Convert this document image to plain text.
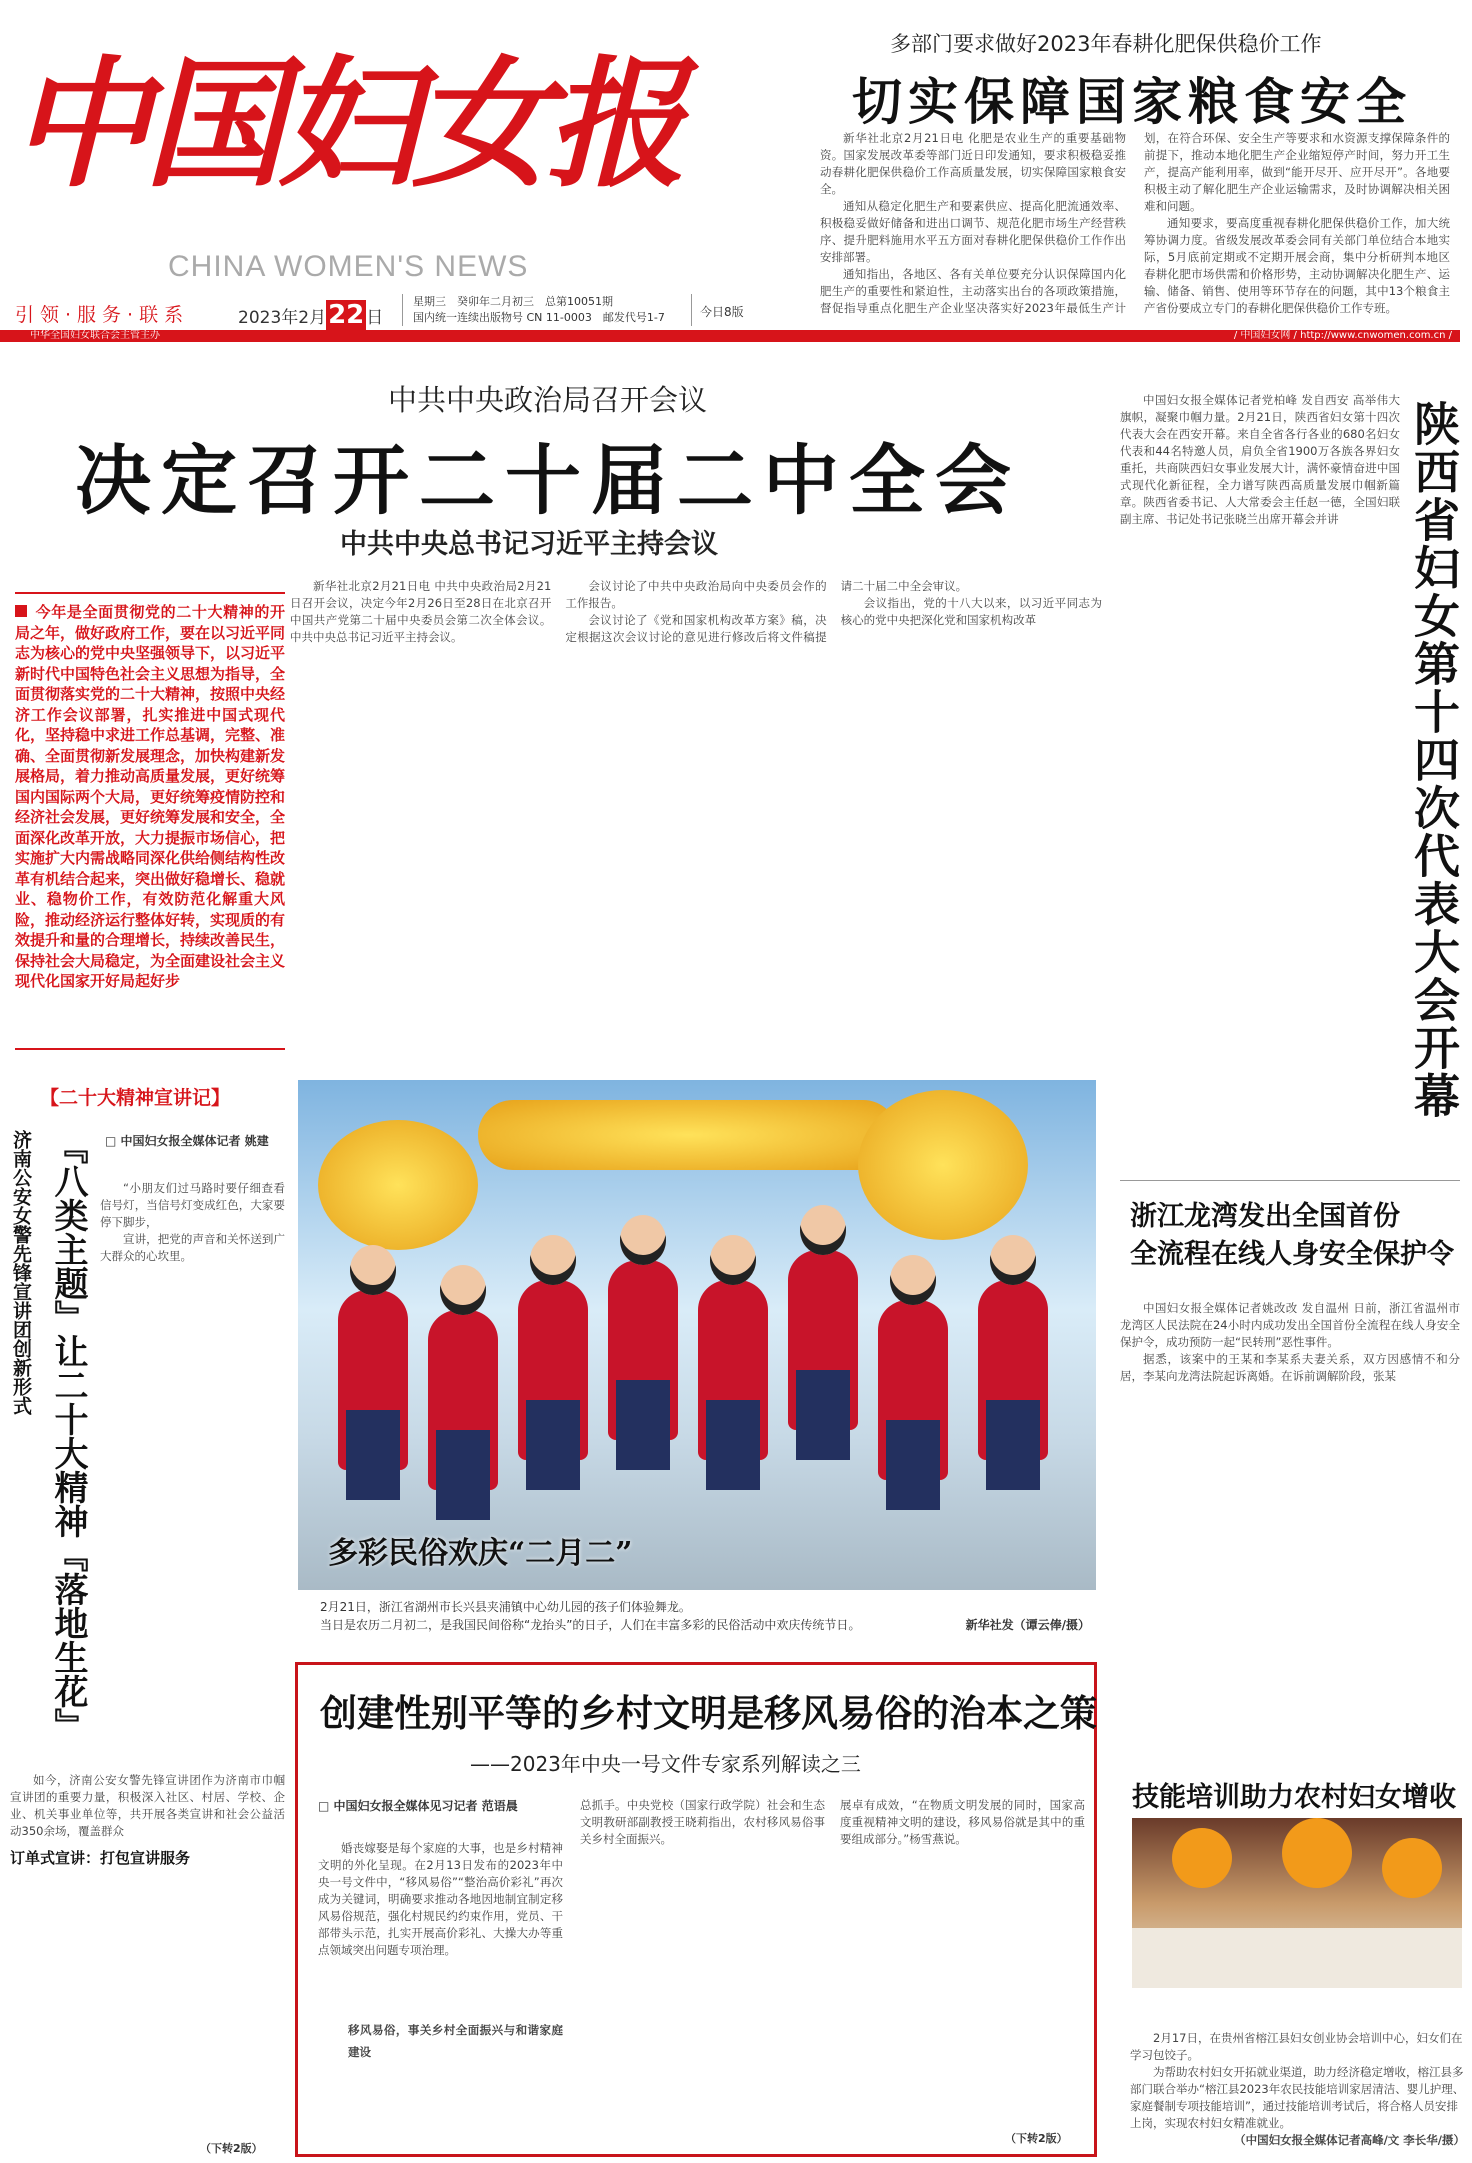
中国妇女报
CHINA WOMEN'S NEWS
引领·服务·联系	2023年2月22 日
星期三　癸卯年二月初三　总第10051期
国内统一连续出版物号 CN 11-0003　邮发代号1-7	今日8版
中华全国妇女联合会主管主办	/ 中国妇女网 / http://www.cnwomen.com.cn /
多部门要求做好2023年春耕化肥保供稳价工作
切实保障国家粮食安全

新华社北京2月21日电 化肥是农业生产的重要基础物资。国家发展改革委等部门近日印发通知，要求积极稳妥推动春耕化肥保供稳价工作高质量发展，切实保障国家粮食安全。

通知从稳定化肥生产和要素供应、提高化肥流通效率、积极稳妥做好储备和进出口调节、规范化肥市场生产经营秩序、提升肥料施用水平五方面对春耕化肥保供稳价工作作出安排部署。

通知指出，各地区、各有关单位要充分认识保障国内化肥生产的重要性和紧迫性，主动落实出台的各项政策措施，督促指导重点化肥生产企业坚决落实好2023年最低生产计划，在符合环保、安全生产等要求和水资源支撑保障条件的前提下，推动本地化肥生产企业缩短停产时间，努力开工生产，提高产能利用率，做到“能开尽开、应开尽开”。各地要积极主动了解化肥生产企业运输需求，及时协调解决相关困难和问题。

通知要求，要高度重视春耕化肥保供稳价工作，加大统筹协调力度。省级发展改革委会同有关部门单位结合本地实际，5月底前定期或不定期开展会商，集中分析研判本地区春耕化肥市场供需和价格形势，主动协调解决化肥生产、运输、储备、销售、使用等环节存在的问题，其中13个粮食主产省份要成立专门的春耕化肥保供稳价工作专班。

中共中央政治局召开会议
决定召开二十届二中全会
中共中央总书记习近平主持会议
今年是全面贯彻党的二十大精神的开局之年，做好政府工作，要在以习近平同志为核心的党中央坚强领导下，以习近平新时代中国特色社会主义思想为指导，全面贯彻落实党的二十大精神，按照中央经济工作会议部署，扎实推进中国式现代化，坚持稳中求进工作总基调，完整、准确、全面贯彻新发展理念，加快构建新发展格局，着力推动高质量发展，更好统筹国内国际两个大局，更好统筹疫情防控和经济社会发展，更好统筹发展和安全，全面深化改革开放，大力提振市场信心，把实施扩大内需战略同深化供给侧结构性改革有机结合起来，突出做好稳增长、稳就业、稳物价工作，有效防范化解重大风险，推动经济运行整体好转，实现质的有效提升和量的合理增长，持续改善民生，保持社会大局稳定，为全面建设社会主义现代化国家开好局起好步

新华社北京2月21日电 中共中央政治局2月21日召开会议，决定今年2月26日至28日在北京召开中国共产党第二十届中央委员会第二次全体会议。中共中央总书记习近平主持会议。

会议讨论了中共中央政治局向中央委员会作的工作报告。

会议讨论了《党和国家机构改革方案》稿，决定根据这次会议讨论的意见进行修改后将文件稿提请二十届二中全会审议。

会议指出，党的十八大以来，以习近平同志为核心的党中央把深化党和国家机构改革	陕西省妇女第十四次代表大会开幕

中国妇女报全媒体记者党柏峰 发自西安 高举伟大旗帜，凝聚巾帼力量。2月21日，陕西省妇女第十四次代表大会在西安开幕。来自全省各行各业的680名妇女代表和44名特邀人员，肩负全省1900万各族各界妇女重托，共商陕西妇女事业发展大计，满怀豪情奋进中国式现代化新征程，全力谱写陕西高质量发展巾帼新篇章。陕西省委书记、人大常委会主任赵一德，全国妇联副主席、书记处书记张晓兰出席开幕会并讲

浙江龙湾发出全国首份
全流程在线人身安全保护令

中国妇女报全媒体记者姚改改 发自温州 日前，浙江省温州市龙湾区人民法院在24小时内成功发出全国首份全流程在线人身安全保护令，成功预防一起“民转刑”恶性事件。

据悉，该案中的王某和李某系夫妻关系，双方因感情不和分居，李某向龙湾法院起诉离婚。在诉前调解阶段，张某

技能培训助力农村妇女增收

2月17日，在贵州省榕江县妇女创业协会培训中心，妇女们在学习包饺子。

为帮助农村妇女开拓就业渠道，助力经济稳定增收，榕江县多部门联合举办“榕江县2023年农民技能培训家居清洁、婴儿护理、家庭餐制专项技能培训”，通过技能培训考试后，将合格人员安排上岗，实现农村妇女精准就业。

（中国妇女报全媒体记者高峰/文 李长华/摄）

【二十大精神宣讲记】
济南公安女警先锋宣讲团创新形式 『八类主题』让二十大精神『落地生花』	□ 中国妇女报全媒体记者 姚建

“小朋友们过马路时要仔细查看信号灯，当信号灯变成红色，大家要停下脚步，

宣讲，把党的声音和关怀送到广大群众的心坎里。

如今，济南公安女警先锋宣讲团作为济南市巾帼宣讲团的重要力量，积极深入社区、村居、学校、企业、机关事业单位等，共开展各类宣讲和社会公益活动350余场，覆盖群众

订单式宣讲：打包宣讲服务

（下转2版）
多彩民俗欢庆“二月二”
2月21日，浙江省湖州市长兴县夹浦镇中心幼儿园的孩子们体验舞龙。
当日是农历二月初二，是我国民间俗称“龙抬头”的日子，人们在丰富多彩的民俗活动中欢庆传统节日。	新华社发（谭云俸/摄）
创建性别平等的乡村文明是移风易俗的治本之策
——2023年中央一号文件专家系列解读之三
□ 中国妇女报全媒体见习记者 范语晨

婚丧嫁娶是每个家庭的大事，也是乡村精神文明的外化呈现。在2月13日发布的2023年中央一号文件中，“移风易俗”“整治高价彩礼”再次成为关键词，明确要求推动各地因地制宜制定移风易俗规范，强化村规民约约束作用，党员、干部带头示范，扎实开展高价彩礼、大操大办等重点领域突出问题专项治理。

移风易俗，事关乡村全面振兴与和谐家庭建设

总抓手。中央党校（国家行政学院）社会和生态文明教研部副教授王晓莉指出，农村移风易俗事关乡村全面振兴。

展卓有成效，“在物质文明发展的同时，国家高度重视精神文明的建设，移风易俗就是其中的重要组成部分。”杨雪燕说。

（下转2版）
